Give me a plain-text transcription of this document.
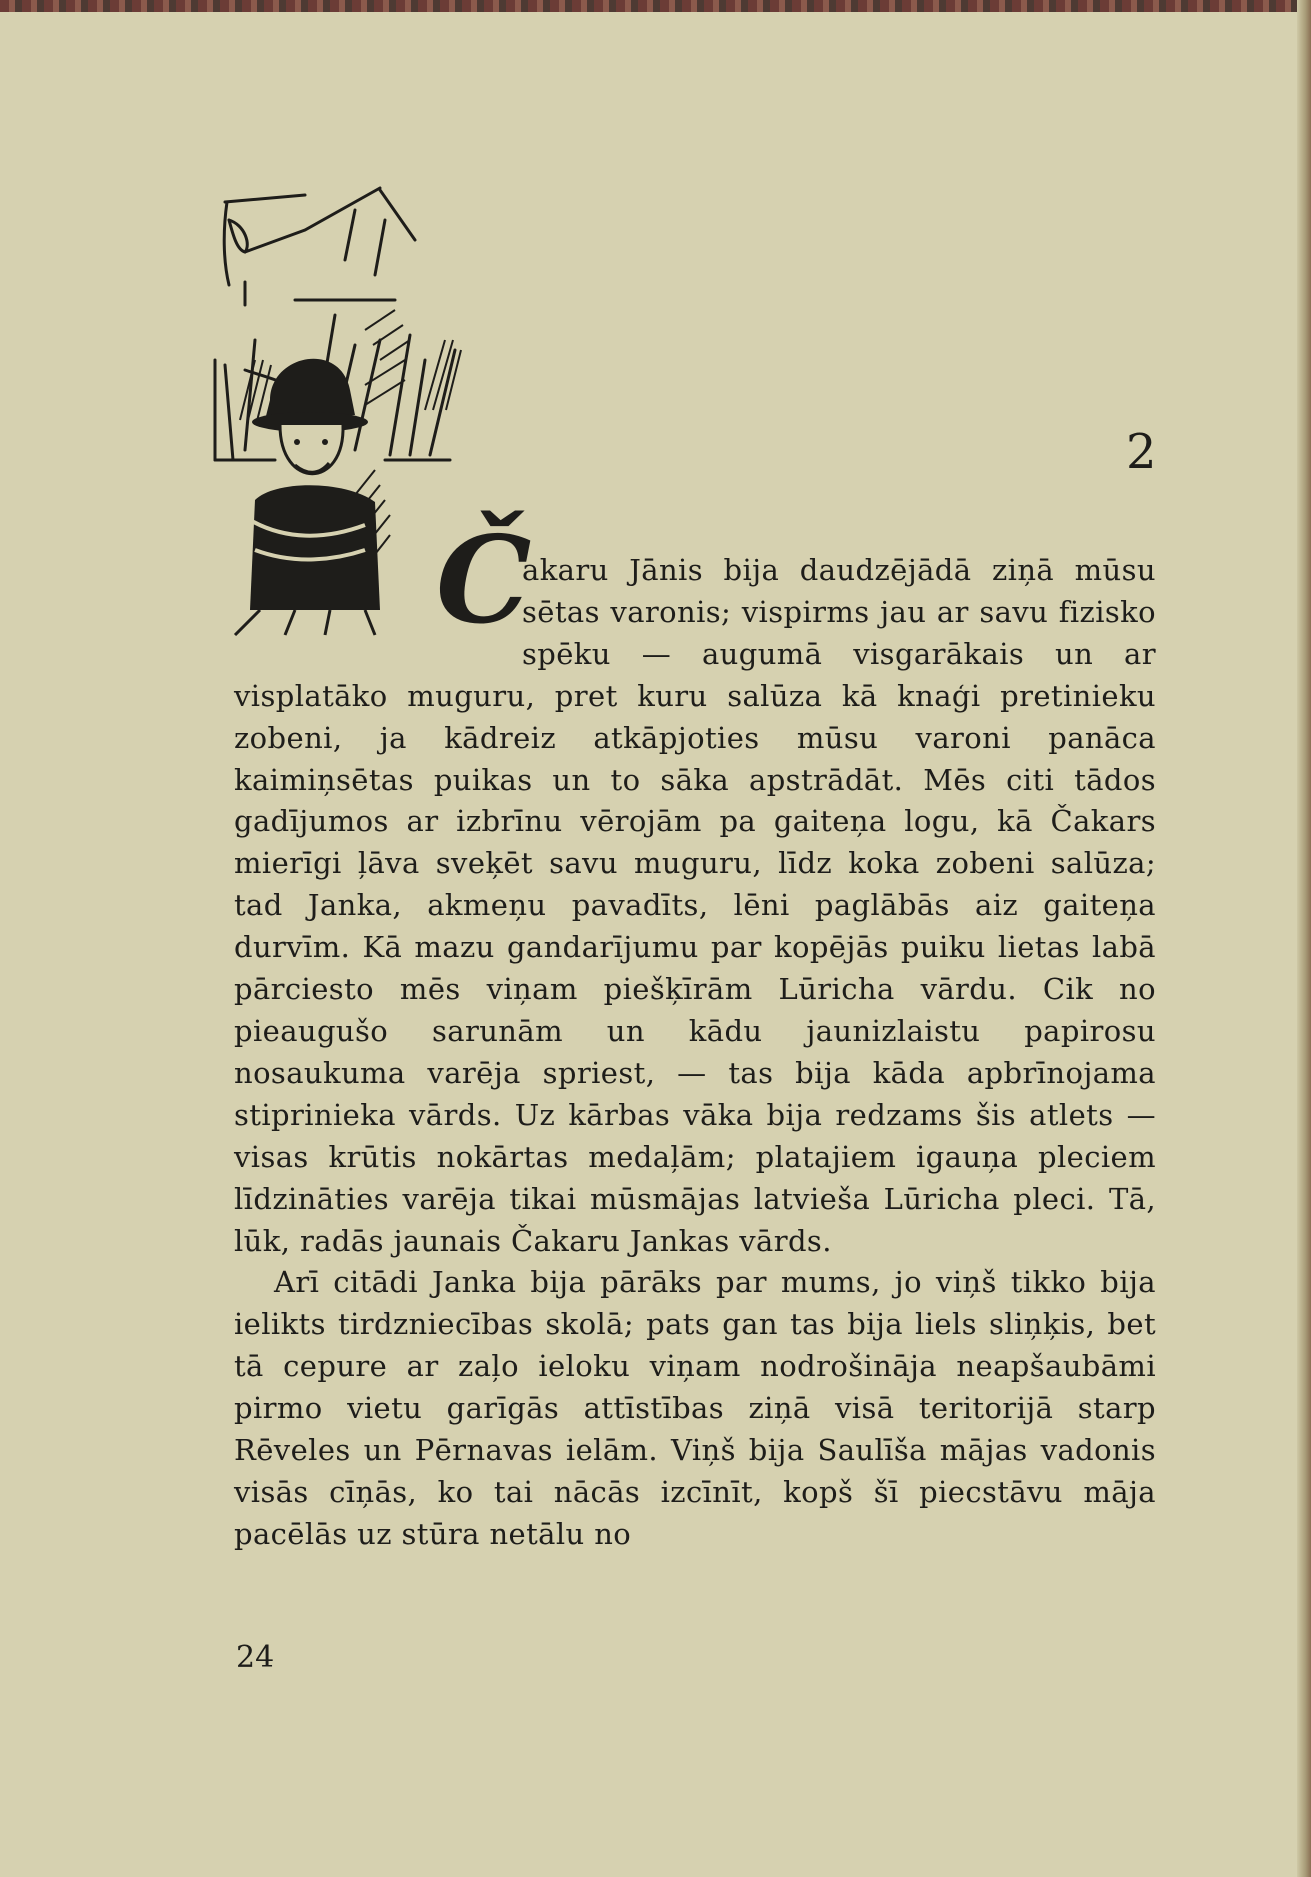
2
Č

akaru Jānis bija daudzējādā ziņā mūsu sētas varonis; vispirms jau ar savu fizisko spēku — augumā visgarākais un ar visplatāko muguru, pret kuru salūza kā knaģi pretinieku zobeni, ja kādreiz atkāpjoties mūsu varoni panāca kaimiņsētas puikas un to sāka apstrādāt. Mēs citi tādos gadījumos ar izbrīnu vērojām pa gaiteņa logu, kā Čakars mierīgi ļāva sveķēt savu muguru, līdz koka zobeni salūza; tad Janka, akmeņu pavadīts, lēni paglābās aiz gaiteņa durvīm. Kā mazu gandarījumu par kopējās puiku lietas labā pārciesto mēs viņam piešķīrām Lūricha vārdu. Cik no pieaugušo sarunām un kādu jaunizlaistu papirosu nosaukuma varēja spriest, — tas bija kāda apbrīnojama stiprinieka vārds. Uz kārbas vāka bija redzams šis atlets — visas krūtis nokārtas medaļām; platajiem igauņa pleciem līdzināties varēja tikai mūsmājas latvieša Lūricha pleci. Tā, lūk, radās jaunais Čakaru Jankas vārds.

Arī citādi Janka bija pārāks par mums, jo viņš tikko bija ielikts tirdzniecības skolā; pats gan tas bija liels sliņķis, bet tā cepure ar zaļo ieloku viņam nodrošināja neapšaubāmi pirmo vietu garīgās attīstības ziņā visā teritorijā starp Rēveles un Pērnavas ielām. Viņš bija Saulīša mājas vadonis visās cīņās, ko tai nācās izcīnīt, kopš šī piecstāvu māja pacēlās uz stūra netālu no

24
